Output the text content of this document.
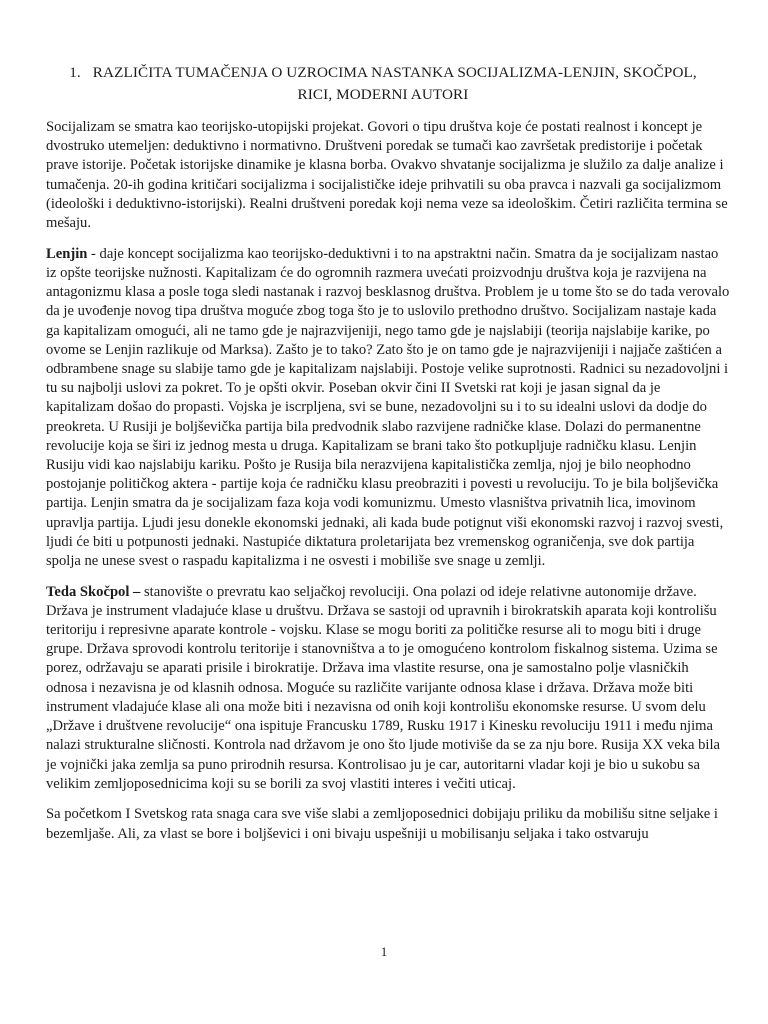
1. RAZLIČITA TUMAČENJA O UZROCIMA NASTANKA SOCIJALIZMA-LENJIN, SKOČPOL,
RICI, MODERNI AUTORI

Socijalizam se smatra kao teorijsko-utopijski projekat. Govori o tipu društva koje će postati realnost i koncept je dvostruko utemeljen: deduktivno i normativno. Društveni poredak se tumači kao završetak predistorije i početak prave istorije. Početak istorijske dinamike je klasna borba. Ovakvo shvatanje socijalizma je služilo za dalje analize i tumačenja. 20-ih godina kritičari socijalizma i socijalističke ideje prihvatili su oba pravca i nazvali ga socijalizmom (ideološki i deduktivno-istorijski). Realni društveni poredak koji nema veze sa ideološkim. Četiri različita termina se mešaju.

Lenjin - daje koncept socijalizma kao teorijsko-deduktivni i to na apstraktni način. Smatra da je socijalizam nastao iz opšte teorijske nužnosti. Kapitalizam će do ogromnih razmera uvećati proizvodnju društva koja je razvijena na antagonizmu klasa a posle toga sledi nastanak i razvoj besklasnog društva. Problem je u tome što se do tada verovalo da je uvođenje novog tipa društva moguće zbog toga što je to uslovilo prethodno društvo. Socijalizam nastaje kada ga kapitalizam omogući, ali ne tamo gde je najrazvijeniji, nego tamo gde je najslabiji (teorija najslabije karike, po ovome se Lenjin razlikuje od Marksa). Zašto je to tako? Zato što je on tamo gde je najrazvijeniji i najjače zaštićen a odbrambene snage su slabije tamo gde je kapitalizam najslabiji. Postoje velike suprotnosti. Radnici su nezadovoljni i tu su najbolji uslovi za pokret. To je opšti okvir. Poseban okvir čini II Svetski rat koji je jasan signal da je kapitalizam došao do propasti. Vojska je iscrpljena, svi se bune, nezadovoljni su i to su idealni uslovi da dodje do preokreta. U Rusiji je boljševička partija bila predvodnik slabo razvijene radničke klase. Dolazi do permanentne revolucije koja se širi iz jednog mesta u druga. Kapitalizam se brani tako što potkupljuje radničku klasu. Lenjin Rusiju vidi kao najslabiju kariku. Pošto je Rusija bila nerazvijena kapitalistička zemlja, njoj je bilo neophodno postojanje političkog aktera - partije koja će radničku klasu preobraziti i povesti u revoluciju. To je bila boljševička partija. Lenjin smatra da je socijalizam faza koja vodi komunizmu. Umesto vlasništva privatnih lica, imovinom upravlja partija. Ljudi jesu donekle ekonomski jednaki, ali kada bude potignut viši ekonomski razvoj i razvoj svesti, ljudi će biti u potpunosti jednaki. Nastupiće diktatura proletarijata bez vremenskog ograničenja, sve dok partija spolja ne unese svest o raspadu kapitalizma i ne osvesti i mobiliše sve snage u zemlji.

Teda Skočpol – stanovište o prevratu kao seljačkoj revoluciji. Ona polazi od ideje relativne autonomije države. Država je instrument vladajuće klase u društvu. Država se sastoji od upravnih i birokratskih aparata koji kontrolišu teritoriju i represivne aparate kontrole - vojsku. Klase se mogu boriti za političke resurse ali to mogu biti i druge grupe. Država sprovodi kontrolu teritorije i stanovništva a to je omogućeno kontrolom fiskalnog sistema. Uzima se porez, održavaju se aparati prisile i birokratije. Država ima vlastite resurse, ona je samostalno polje vlasničkih odnosa i nezavisna je od klasnih odnosa. Moguće su različite varijante odnosa klase i država. Država može biti instrument vladajuće klase ali ona može biti i nezavisna od onih koji kontrolišu ekonomske resurse. U svom delu „Države i društvene revolucije“ ona ispituje Francusku 1789, Rusku 1917 i Kinesku revoluciju 1911 i među njima nalazi strukturalne sličnosti. Kontrola nad državom je ono što ljude motiviše da se za nju bore. Rusija XX veka bila je vojnički jaka zemlja sa puno prirodnih resursa. Kontrolisao ju je car, autoritarni vladar koji je bio u sukobu sa velikim zemljoposednicima koji su se borili za svoj vlastiti interes i večiti uticaj.

Sa početkom I Svetskog rata snaga cara sve više slabi a zemljoposednici dobijaju priliku da mobilišu sitne seljake i bezemljaše. Ali, za vlast se bore i boljševici i oni bivaju uspešniji u mobilisanju seljaka i tako ostvaruju

1
